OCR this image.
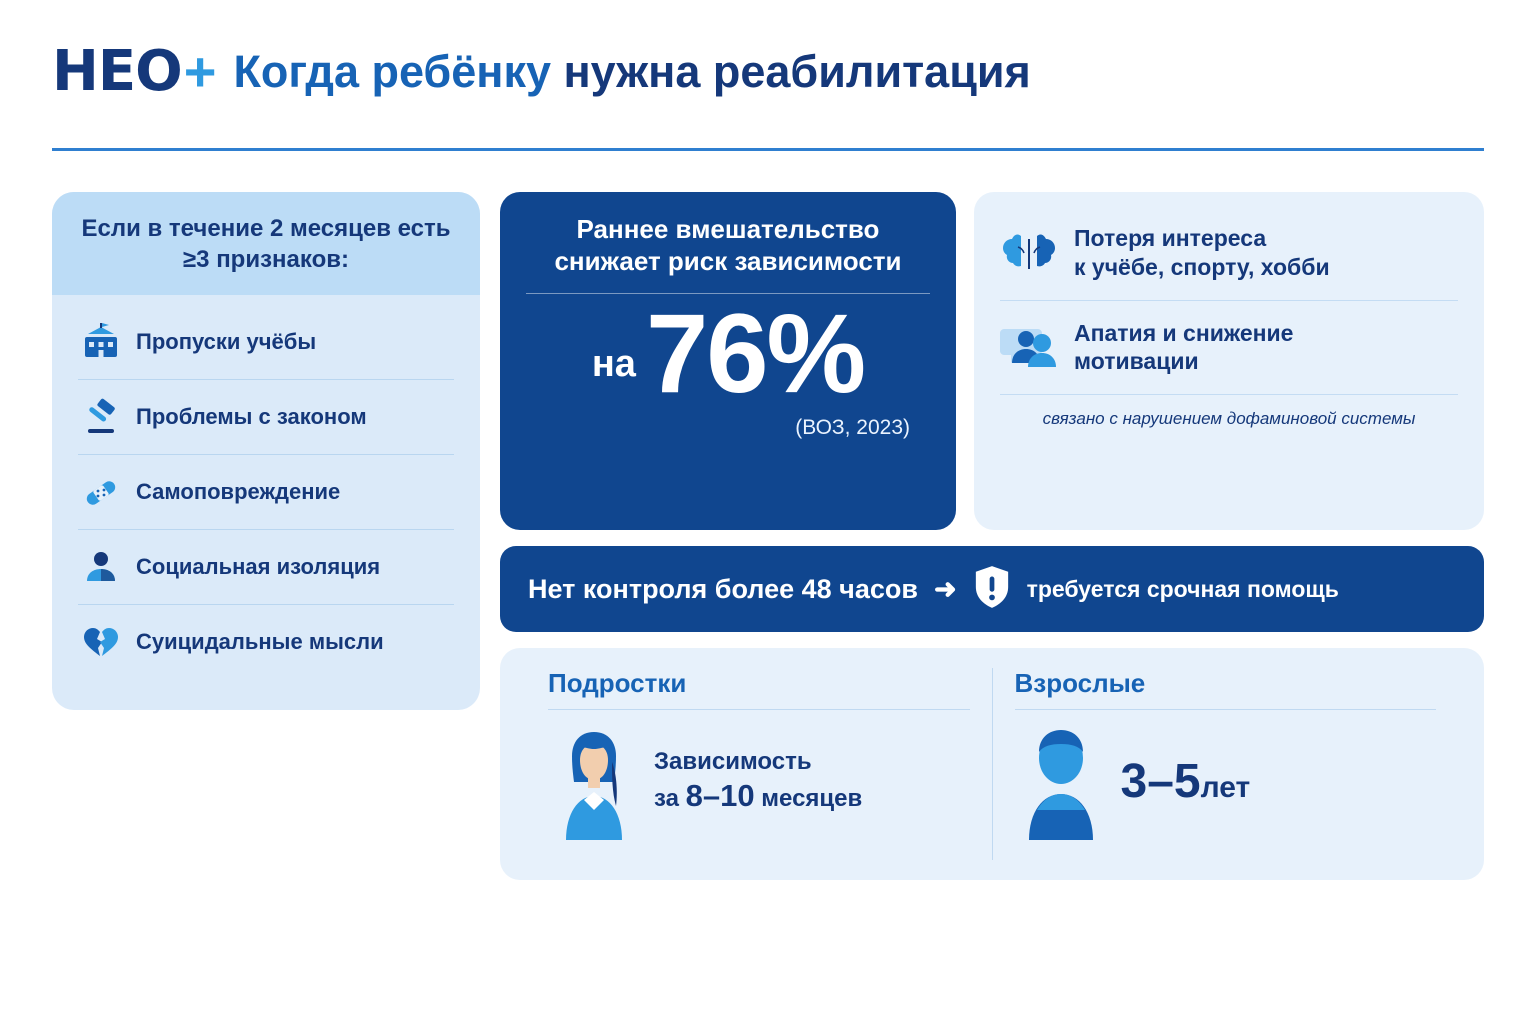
HEO + Когда ребёнку нужна реабилитация
Если в течение 2 месяцев есть ≥3 признаков:
Пропуски учёбы
Проблемы с законом
Самоповреждение
Социальная изоляция
Суицидальные мысли
Раннее вмешательство снижает риск зависимости
на 76%
(ВОЗ, 2023)
Потеря интереса
к учёбе, спорту, хобби
Апатия и снижение
мотивации
связано с нарушением дофаминовой системы
Нет контроля более 48 часов ➜	требуется срочная помощь
Подростки
Зависимость
за 8–10 месяцев
Взрослые
3–5лет
